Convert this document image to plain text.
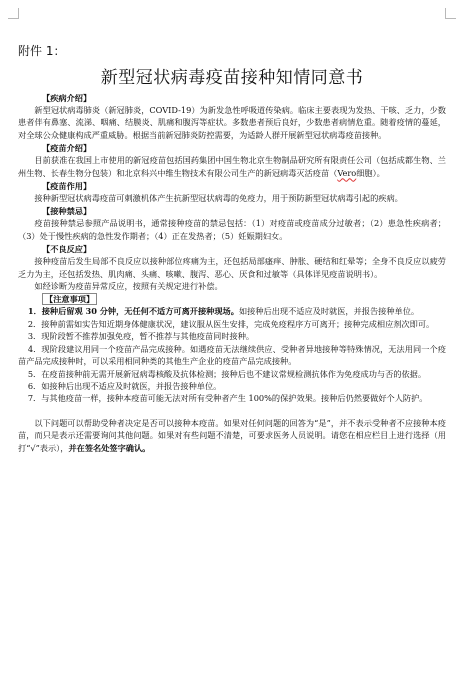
附件 1：

新型冠状病毒疫苗接种知情同意书

【疾病介绍】

新型冠状病毒肺炎（新冠肺炎，COVID-19）为新发急性呼吸道传染病。临床主要表现为发热、干咳、乏力，少数患者伴有鼻塞、流涕、咽痛、结膜炎、肌痛和腹泻等症状。多数患者预后良好，少数患者病情危重。随着疫情的蔓延，对全球公众健康构成严重威胁。根据当前新冠肺炎防控需要，为适龄人群开展新型冠状病毒疫苗接种。

【疫苗介绍】

目前获准在我国上市使用的新冠疫苗包括国药集团中国生物北京生物制品研究所有限责任公司（包括成都生物、兰州生物、长春生物分包装）和北京科兴中维生物技术有限公司生产的新冠病毒灭活疫苗（Vero细胞）。

【疫苗作用】

接种新型冠状病毒疫苗可刺激机体产生抗新型冠状病毒的免疫力，用于预防新型冠状病毒引起的疾病。

【接种禁忌】

疫苗接种禁忌参照产品说明书，通常接种疫苗的禁忌包括：（1）对疫苗或疫苗成分过敏者；（2）患急性疾病者；（3）处于慢性疾病的急性发作期者；（4）正在发热者；（5）妊娠期妇女。

【不良反应】

接种疫苗后发生局部不良反应以接种部位疼痛为主，还包括局部瘙痒、肿胀、硬结和红晕等；全身不良反应以疲劳乏力为主，还包括发热、肌肉痛、头痛、咳嗽、腹泻、恶心、厌食和过敏等（具体详见疫苗说明书）。

如经诊断为疫苗异常反应，按照有关规定进行补偿。

【注意事项】

1．接种后留观 30 分钟，无任何不适方可离开接种现场。如接种后出现不适应及时就医，并报告接种单位。

2．接种前需如实告知近期身体健康状况，建议服从医生安排，完成免疫程序方可离开；接种完成相应剂次即可。

3．现阶段暂不推荐加强免疫，暂不推荐与其他疫苗同时接种。

4．现阶段建议用同一个疫苗产品完成接种。如遇疫苗无法继续供应、受种者异地接种等特殊情况，无法用同一个疫苗产品完成接种时，可以采用相同种类的其他生产企业的疫苗产品完成接种。

5．在疫苗接种前无需开展新冠病毒核酸及抗体检测；接种后也不建议常规检测抗体作为免疫成功与否的依据。

6．如接种后出现不适应及时就医，并报告接种单位。

7．与其他疫苗一样，接种本疫苗可能无法对所有受种者产生 100%的保护效果。接种后仍然要做好个人防护。

以下问题可以帮助受种者决定是否可以接种本疫苗。如果对任何问题的回答为“是”，并不表示受种者不应接种本疫苗，而只是表示还需要询问其他问题。如果对有些问题不清楚，可要求医务人员说明。请您在相应栏目上进行选择（用打“√”表示），并在签名处签字确认。
